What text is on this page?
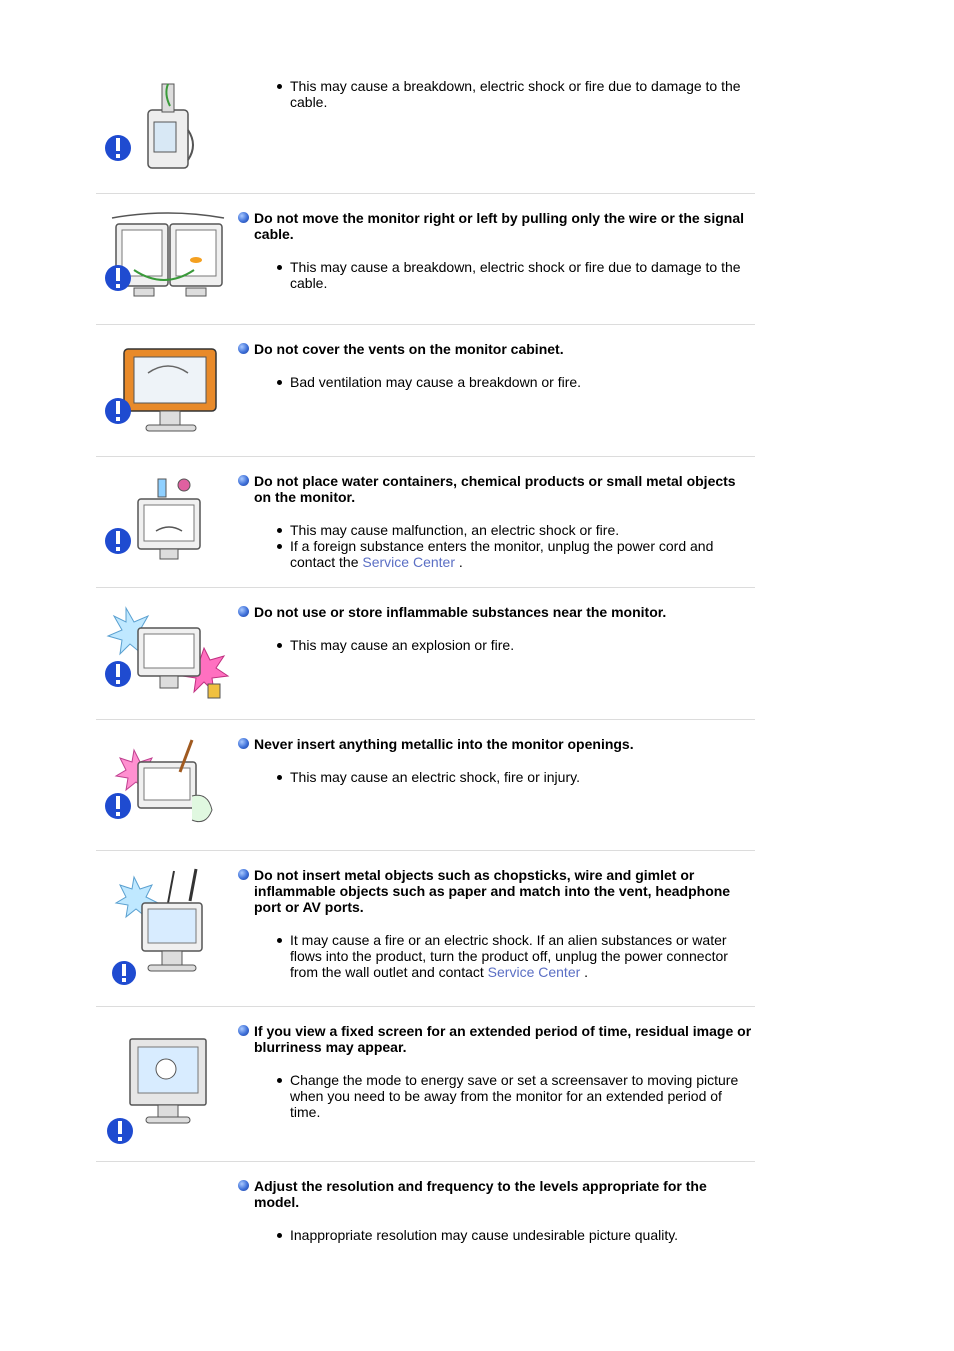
This may cause a breakdown, electric shock or fire due to damage to the cable.

Do not move the monitor right or left by pulling only the wire or the signal cable.

This may cause a breakdown, electric shock or fire due to damage to the cable.

Do not cover the vents on the monitor cabinet.

Bad ventilation may cause a breakdown or fire.

Do not place water containers, chemical products or small metal objects on the monitor.

This may cause malfunction, an electric shock or fire.
If a foreign substance enters the monitor, unplug the power cord and contact the Service Center .

Do not use or store inflammable substances near the monitor.

This may cause an explosion or fire.

Never insert anything metallic into the monitor openings.

This may cause an electric shock, fire or injury.

Do not insert metal objects such as chopsticks, wire and gimlet or inflammable objects such as paper and match into the vent, headphone port or AV ports.

It may cause a fire or an electric shock. If an alien substances or water flows into the product, turn the product off, unplug the power connector from the wall outlet and contact Service Center .

If you view a fixed screen for an extended period of time, residual image or blurriness may appear.

Change the mode to energy save or set a screensaver to moving picture when you need to be away from the monitor for an extended period of time.

Adjust the resolution and frequency to the levels appropriate for the model.

Inappropriate resolution may cause undesirable picture quality.
